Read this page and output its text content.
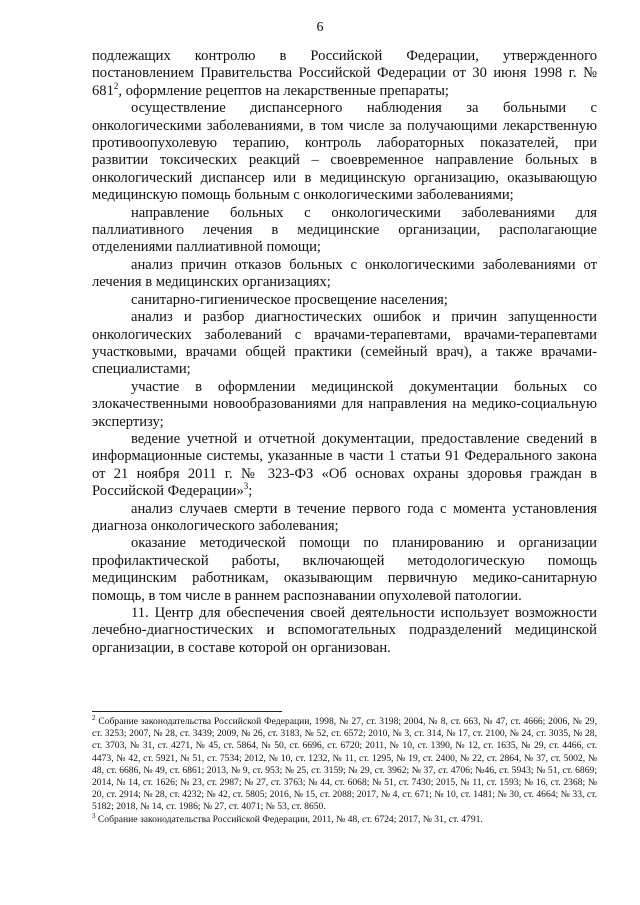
6

подлежащих контролю в Российской Федерации, утвержденного постановлением Правительства Российской Федерации от 30 июня 1998 г. № 681$^2$, оформление рецептов на лекарственные препараты;

осуществление диспансерного наблюдения за больными с онкологическими заболеваниями, в том числе за получающими лекарственную противоопухолевую терапию, контроль лабораторных показателей, при развитии токсических реакций – своевременное направление больных в онкологический диспансер или в медицинскую организацию, оказывающую медицинскую помощь больным с онкологическими заболеваниями;

направление больных с онкологическими заболеваниями для паллиативного лечения в медицинские организации, располагающие отделениями паллиативной помощи;

анализ причин отказов больных с онкологическими заболеваниями от лечения в медицинских организациях;

санитарно-гигиеническое просвещение населения;

анализ и разбор диагностических ошибок и причин запущенности онкологических заболеваний с врачами-терапевтами, врачами-терапевтами участковыми, врачами общей практики (семейный врач), а также врачами-специалистами;

участие в оформлении медицинской документации больных со злокачественными новообразованиями для направления на медико-социальную экспертизу;

ведение учетной и отчетной документации, предоставление сведений в информационные системы, указанные в части 1 статьи 91 Федерального закона от 21 ноября 2011 г. № 323-ФЗ «Об основах охраны здоровья граждан в Российской Федерации»$^3$;

анализ случаев смерти в течение первого года с момента установления диагноза онкологического заболевания;

оказание методической помощи по планированию и организации профилактической работы, включающей методологическую помощь медицинским работникам, оказывающим первичную медико-санитарную помощь, в том числе в раннем распознавании опухолевой патологии.

11. Центр для обеспечения своей деятельности использует возможности лечебно-диагностических и вспомогательных подразделений медицинской организации, в составе которой он организован.

$^2$ Собрание законодательства Российской Федерации, 1998, № 27, ст. 3198; 2004, № 8, ст. 663, № 47, ст. 4666; 2006, № 29, ст. 3253; 2007, № 28, ст. 3439; 2009, № 26, ст. 3183, № 52, ст. 6572; 2010, № 3, ст. 314, № 17, ст. 2100, № 24, ст. 3035, № 28, ст. 3703, № 31, ст. 4271, № 45, ст. 5864, № 50, ст. 6696, ст. 6720; 2011, № 10, ст. 1390, № 12, ст. 1635, № 29, ст. 4466, ст. 4473, № 42, ст. 5921, № 51, ст. 7534; 2012, № 10, ст. 1232, № 11, ст. 1295, № 19, ст. 2400, № 22, ст. 2864, № 37, ст. 5002, № 48, ст. 6686, № 49, ст. 6861; 2013, № 9, ст. 953; № 25, ст. 3159; № 29, ст. 3962; № 37, ст. 4706; №46, ст. 5943; № 51, ст. 6869; 2014, № 14, ст. 1626; № 23, ст. 2987; № 27, ст. 3763; № 44, ст. 6068; № 51, ст. 7430; 2015, № 11, ст. 1593; № 16, ст. 2368; № 20, ст. 2914; № 28, ст. 4232; № 42, ст. 5805; 2016, № 15, ст. 2088; 2017, № 4, ст. 671; № 10, ст. 1481; № 30, ст. 4664; № 33, ст. 5182; 2018, № 14, ст. 1986; № 27, ст. 4071; № 53, ст. 8650.

$^3$ Собрание законодательства Российской Федерации, 2011, № 48, ст. 6724; 2017, № 31, ст. 4791.
